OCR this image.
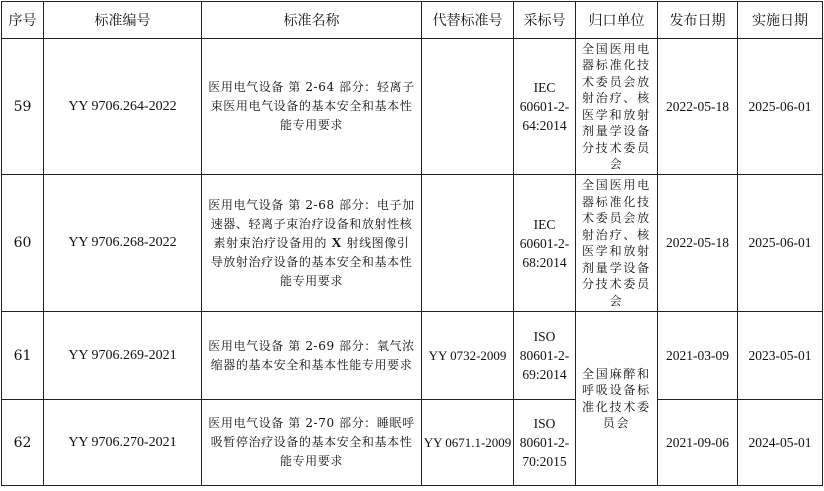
序号	标准编号	标准名称	代替标准号	采标号	归口单位	发布日期	实施日期
59	YY 9706.264-2022	医用电气设备 第 2-64 部分：轻离子束医用电气设备的基本安全和基本性能专用要求		IEC 60601-2-64:2014	全国医用电器标准化技术委员会放射治疗、核医学和放射剂量学设备分技术委员会	2022-05-18	2025-06-01
60	YY 9706.268-2022	医用电气设备 第 2-68 部分：电子加速器、轻离子束治疗设备和放射性核素射束治疗设备用的 X 射线图像引导放射治疗设备的基本安全和基本性能专用要求		IEC 60601-2-68:2014	全国医用电器标准化技术委员会放射治疗、核医学和放射剂量学设备分技术委员会	2022-05-18	2025-06-01
61	YY 9706.269-2021	医用电气设备 第 2-69 部分：氧气浓缩器的基本安全和基本性能专用要求	YY 0732-2009	ISO 80601-2-69:2014	全国麻醉和呼吸设备标准化技术委员会	2021-03-09	2023-05-01
62	YY 9706.270-2021	医用电气设备 第 2-70 部分：睡眠呼吸暂停治疗设备的基本安全和基本性能专用要求	YY 0671.1-2009	ISO 80601-2-70:2015		2021-09-06	2024-05-01
